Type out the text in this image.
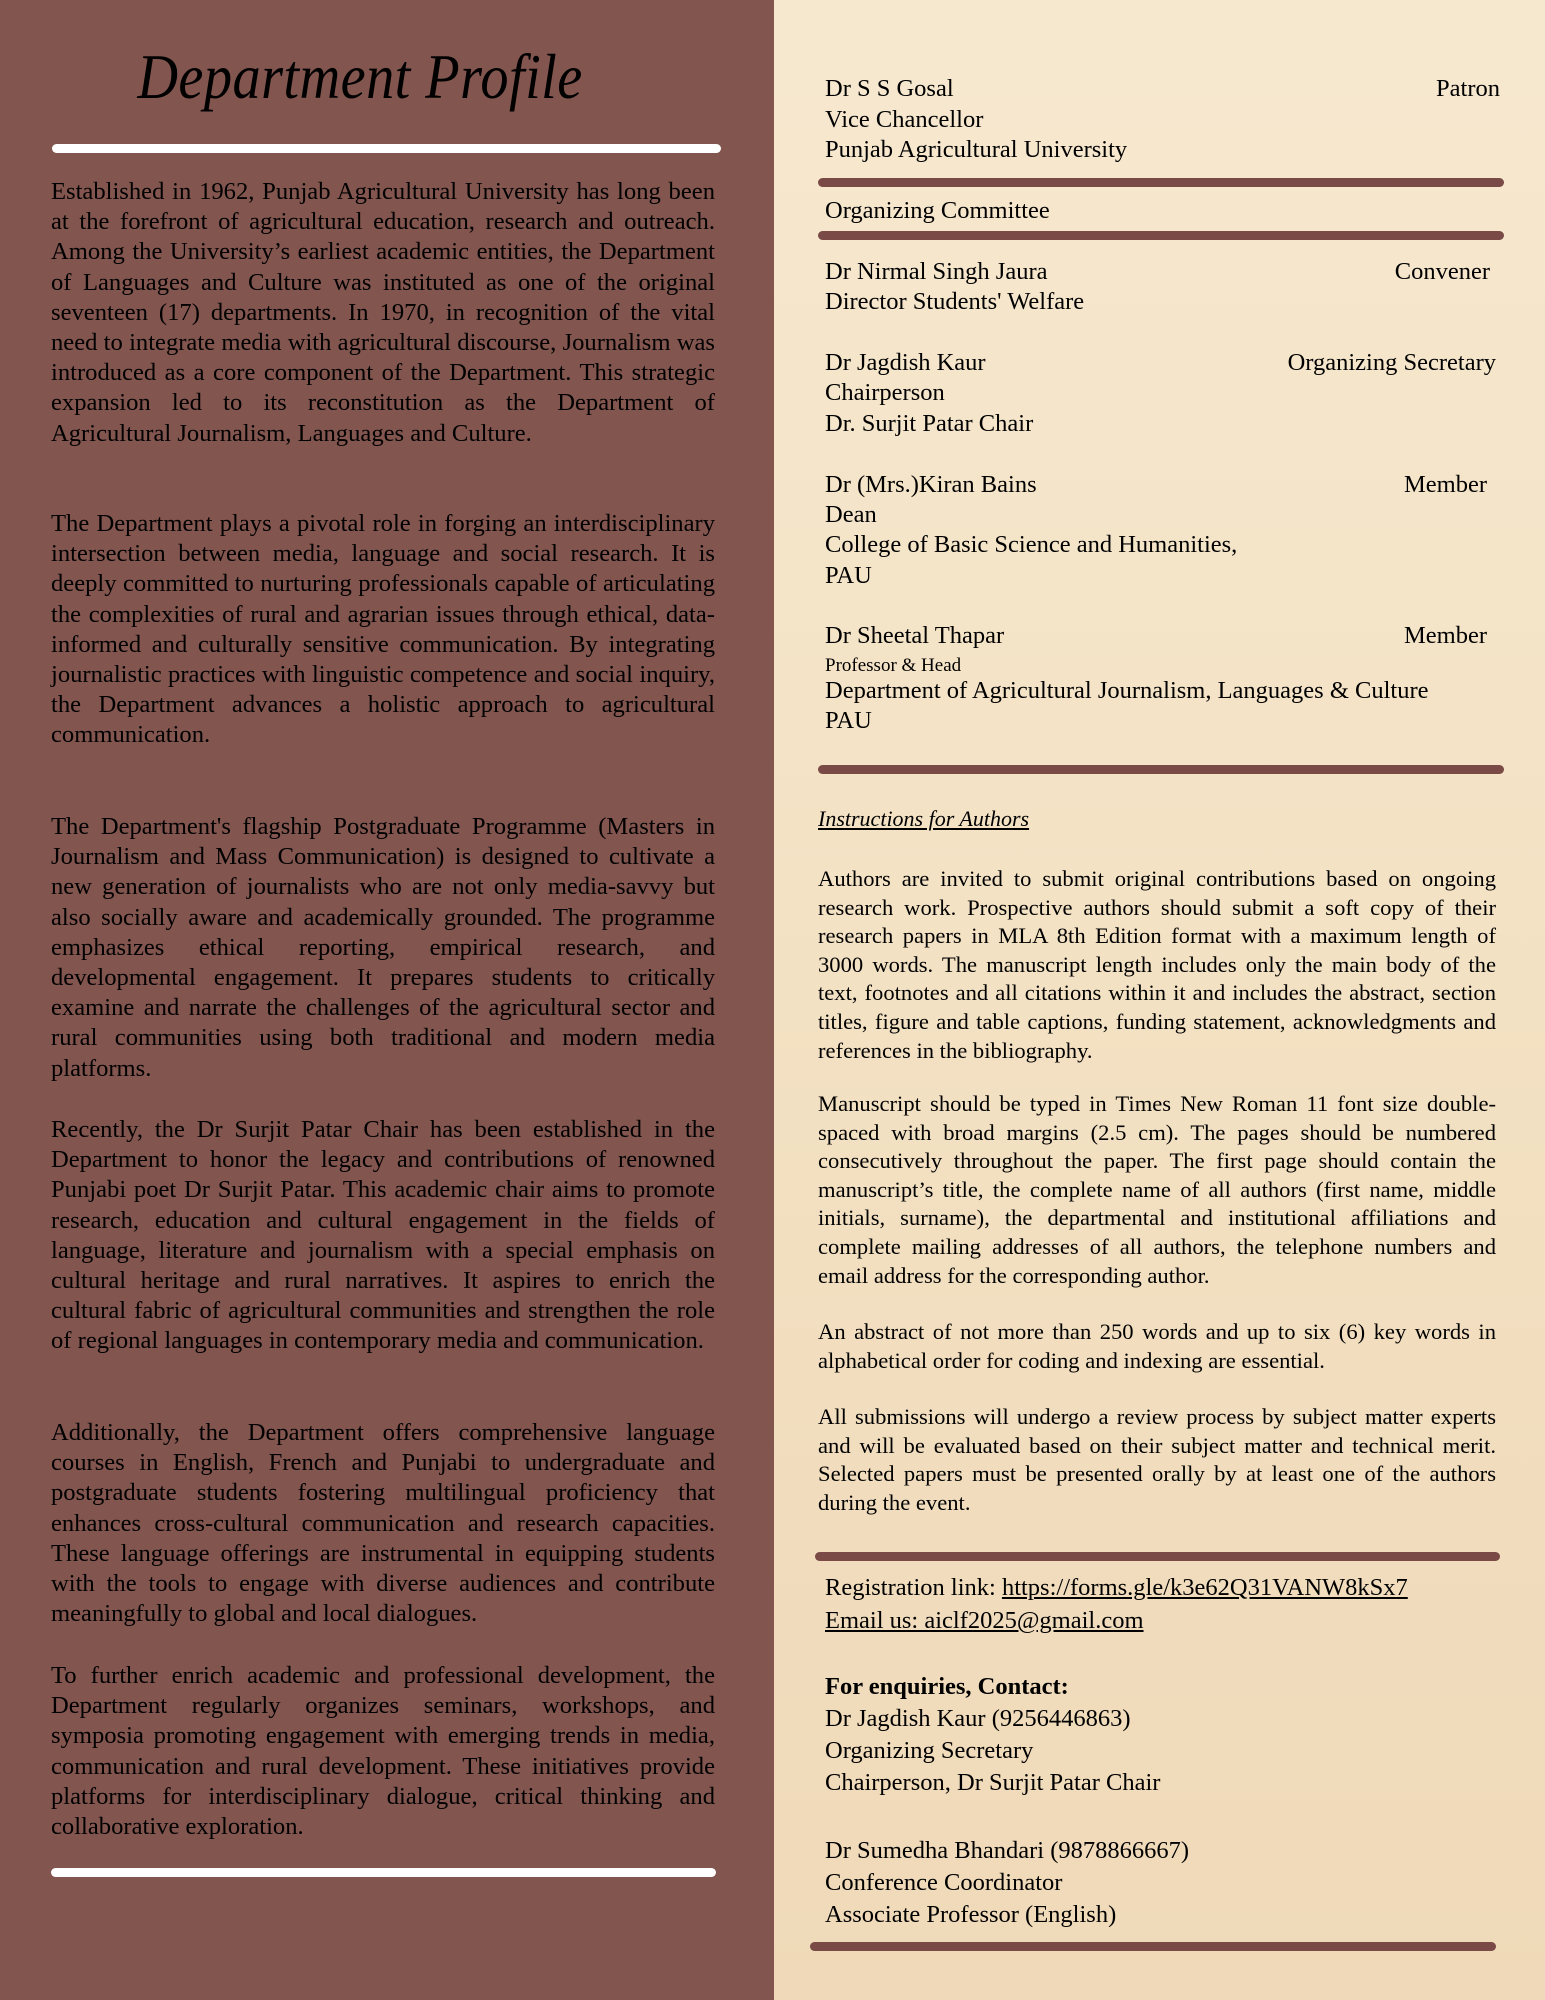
Department Profile

Established in 1962, Punjab Agricultural University has long been at the forefront of agricultural education, research and outreach. Among the University’s earliest academic entities, the Department of Languages and Culture was instituted as one of the original seventeen (17) departments. In 1970, in recognition of the vital need to integrate media with agricultural discourse, Journalism was introduced as a core component of the Department. This strategic expansion led to its reconstitution as the Department of Agricultural Journalism, Languages and Culture.

The Department plays a pivotal role in forging an interdisciplinary intersection between media, language and social research. It is deeply committed to nurturing professionals capable of articulating the complexities of rural and agrarian issues through ethical, data-informed and culturally sensitive communication. By integrating journalistic practices with linguistic competence and social inquiry, the Department advances a holistic approach to agricultural communication.

The Department's flagship Postgraduate Programme (Masters in Journalism and Mass Communication) is designed to cultivate a new generation of journalists who are not only media-savvy but also socially aware and academically grounded. The programme emphasizes ethical reporting, empirical research, and developmental engagement. It prepares students to critically examine and narrate the challenges of the agricultural sector and rural communities using both traditional and modern media platforms.

Recently, the Dr Surjit Patar Chair has been established in the Department to honor the legacy and contributions of renowned Punjabi poet Dr Surjit Patar. This academic chair aims to promote research, education and cultural engagement in the fields of language, literature and journalism with a special emphasis on cultural heritage and rural narratives. It aspires to enrich the cultural fabric of agricultural communities and strengthen the role of regional languages in contemporary media and communication.

Additionally, the Department offers comprehensive language courses in English, French and Punjabi to undergraduate and postgraduate students fostering multilingual proficiency that enhances cross-cultural communication and research capacities. These language offerings are instrumental in equipping students with the tools to engage with diverse audiences and contribute meaningfully to global and local dialogues.

To further enrich academic and professional development, the Department regularly organizes seminars, workshops, and symposia promoting engagement with emerging trends in media, communication and rural development. These initiatives provide platforms for interdisciplinary dialogue, critical thinking and collaborative exploration.

Dr S S Gosal	Patron
Vice Chancellor
Punjab Agricultural University
Organizing Committee
Dr Nirmal Singh Jaura	Convener
Director Students' Welfare
Dr Jagdish Kaur	Organizing Secretary
Chairperson
Dr. Surjit Patar Chair
Dr (Mrs.)Kiran Bains	Member
Dean
College of Basic Science and Humanities,
PAU
Dr Sheetal Thapar	Member
Professor & Head
Department of Agricultural Journalism, Languages & Culture
PAU
Instructions for Authors

Authors are invited to submit original contributions based on ongoing research work. Prospective authors should submit a soft copy of their research papers in MLA 8th Edition format with a maximum length of 3000 words. The manuscript length includes only the main body of the text, footnotes and all citations within it and includes the abstract, section titles, figure and table captions, funding statement, acknowledgments and references in the bibliography.

Manuscript should be typed in Times New Roman 11 font size double-spaced with broad margins (2.5 cm). The pages should be numbered consecutively throughout the paper. The first page should contain the manuscript’s title, the complete name of all authors (first name, middle initials, surname), the departmental and institutional affiliations and complete mailing addresses of all authors, the telephone numbers and email address for the corresponding author.

An abstract of not more than 250 words and up to six (6) key words in alphabetical order for coding and indexing are essential.

All submissions will undergo a review process by subject matter experts and will be evaluated based on their subject matter and technical merit. Selected papers must be presented orally by at least one of the authors during the event.

Registration link: https://forms.gle/k3e62Q31VANW8kSx7
Email us: aiclf2025@gmail.com
For enquiries, Contact:
Dr Jagdish Kaur (9256446863)
Organizing Secretary
Chairperson, Dr Surjit Patar Chair
Dr Sumedha Bhandari (9878866667)
Conference Coordinator
Associate Professor (English)
